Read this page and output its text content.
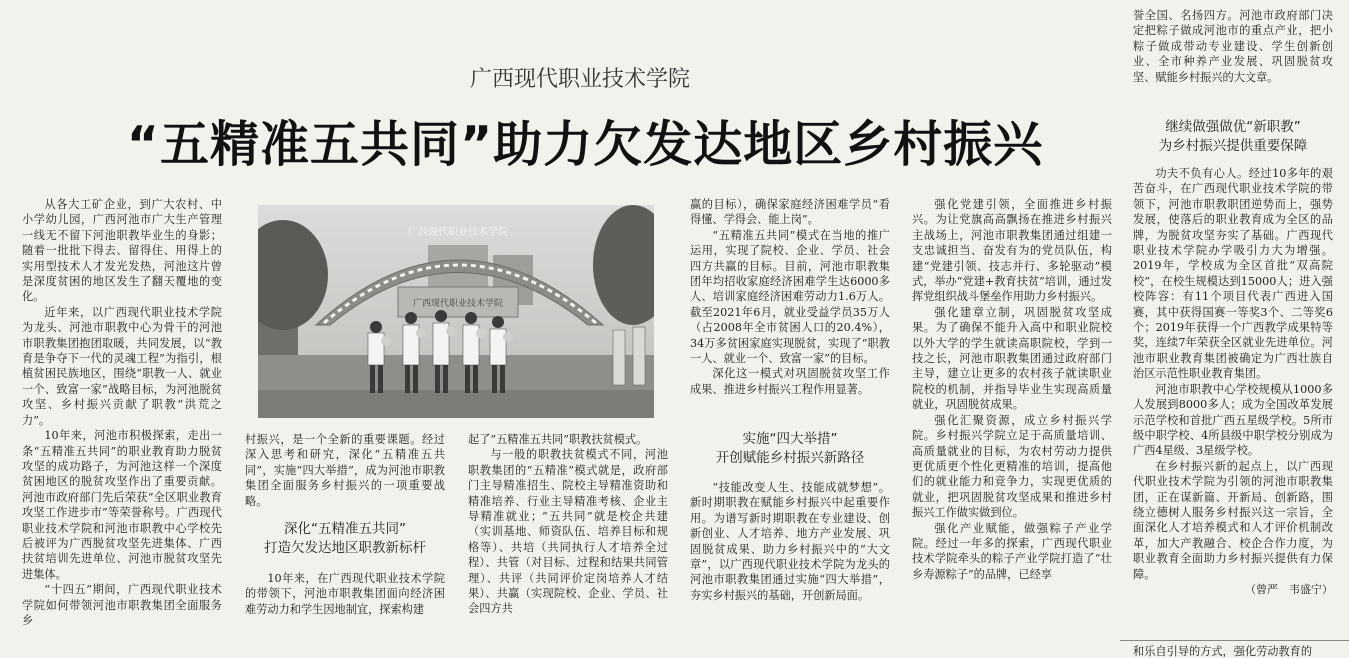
广西现代职业技术学院
“五精准五共同”助力欠发达地区乡村振兴

从各大工矿企业，到广大农村、中小学幼儿园，广西河池市广大生产管理一线无不留下河池职教毕业生的身影；随着一批批下得去、留得住、用得上的实用型技术人才发光发热，河池这片曾是深度贫困的地区发生了翻天覆地的变化。

近年来，以广西现代职业技术学院为龙头、河池市职教中心为骨干的河池市职教集团抱团取暖，共同发展，以“教育是争夺下一代的灵魂工程”为指引，根植贫困民族地区，围绕“职教一人、就业一个、致富一家”战略目标，为河池脱贫攻坚、乡村振兴贡献了职教“洪荒之力”。

10年来，河池市积极探索，走出一条“五精准五共同”的职业教育助力脱贫攻坚的成功路子，为河池这样一个深度贫困地区的脱贫攻坚作出了重要贡献。河池市政府部门先后荣获“全区职业教育攻坚工作进步市”等荣誉称号。广西现代职业技术学院和河池市职教中心学校先后被评为广西脱贫攻坚先进集体、广西扶贫培训先进单位、河池市脱贫攻坚先进集体。

“十四五”期间，广西现代职业技术学院如何带领河池市职教集团全面服务乡

广西现代职业技术学院
广西现代职业技术学院

村振兴，是一个全新的重要课题。经过深入思考和研究，深化“五精准五共同”，实施“四大举措”，成为河池市职教集团全面服务乡村振兴的一项重要战略。

深化“五精准五共同”
打造欠发达地区职教新标杆

10年来，在广西现代职业技术学院的带领下，河池市职教集团面向经济困难劳动力和学生因地制宜，探索构建

起了“五精准五共同”职教扶贫模式。

与一般的职教扶贫模式不同，河池职教集团的“五精准”模式就是，政府部门主导精准招生、院校主导精准资助和精准培养、行业主导精准考核、企业主导精准就业；“五共同”就是校企共建（实训基地、师资队伍、培养目标和规格等）、共培（共同执行人才培养全过程）、共管（对目标、过程和结果共同管理）、共评（共同评价定岗培养人才结果）、共赢（实现院校、企业、学员、社会四方共

赢的目标），确保家庭经济困难学员“看得懂、学得会、能上岗”。

“五精准五共同”模式在当地的推广运用，实现了院校、企业、学员、社会四方共赢的目标。目前，河池市职教集团年均招收家庭经济困难学生达6000多人、培训家庭经济困难劳动力1.6万人。截至2021年6月，就业受益学员35万人（占2008年全市贫困人口的20.4%），34万多贫困家庭实现脱贫，实现了“职教一人、就业一个、致富一家”的目标。

深化这一模式对巩固脱贫攻坚工作成果、推进乡村振兴工程作用显著。

实施“四大举措”
开创赋能乡村振兴新路径

“技能改变人生、技能成就梦想”。新时期职教在赋能乡村振兴中起重要作用。为谱写新时期职教在专业建设、创新创业、人才培养、地方产业发展、巩固脱贫成果、助力乡村振兴中的“大文章”，以广西现代职业技术学院为龙头的河池市职教集团通过实施“四大举措”，夯实乡村振兴的基础，开创新局面。

强化党建引领，全面推进乡村振兴。为让党旗高高飘扬在推进乡村振兴主战场上，河池市职教集团通过组建一支忠诚担当、奋发有为的党员队伍，构建“党建引领、技志并行、多轮驱动”模式，举办“党建+教育扶贫”培训，通过发挥党组织战斗堡垒作用助力乡村振兴。

强化建章立制，巩固脱贫攻坚成果。为了确保不能升入高中和职业院校以外大学的学生就读高职院校，学到一技之长，河池市职教集团通过政府部门主导，建立让更多的农村孩子就读职业院校的机制，并指导毕业生实现高质量就业，巩固脱贫成果。

强化汇聚资源，成立乡村振兴学院。乡村振兴学院立足于高质量培训、高质量就业的目标，为农村劳动力提供更优质更个性化更精准的培训，提高他们的就业能力和竞争力，实现更优质的就业，把巩固脱贫攻坚成果和推进乡村振兴工作做实做到位。

强化产业赋能，做强粽子产业学院。经过一年多的探索，广西现代职业技术学院牵头的粽子产业学院打造了“壮乡寿源粽子”的品牌，已经享

誉全国、名扬四方。河池市政府部门决定把粽子做成河池市的重点产业，把小粽子做成带动专业建设、学生创新创业、全市种养产业发展、巩固脱贫攻坚、赋能乡村振兴的大文章。

继续做强做优“新职教”
为乡村振兴提供重要保障

功夫不负有心人。经过10多年的艰苦奋斗，在广西现代职业技术学院的带领下，河池市职教职团逆势而上，强势发展，使落后的职业教育成为全区的品牌，为脱贫攻坚夯实了基础。广西现代职业技术学院办学吸引力大为增强。2019年，学校成为全区首批“双高院校”，在校生规模达到15000人；进入强校阵容：有11个项目代表广西进入国赛，其中获得国赛一等奖3个、二等奖6个；2019年获得一个广西教学成果特等奖，连续7年荣获全区就业先进单位。河池市职业教育集团被确定为广西壮族自治区示范性职业教育集团。

河池市职教中心学校规模从1000多人发展到8000多人；成为全国改革发展示范学校和首批广西五星级学校。5所市级中职学校、4所县级中职学校分别成为广西4星级、3星级学校。

在乡村振兴新的起点上，以广西现代职业技术学院为引领的河池市职教集团，正在谋新篇、开新局、创新路，围绕立德树人服务乡村振兴这一宗旨，全面深化人才培养模式和人才评价机制改革，加大产教融合、校企合作力度，为职业教育全面助力乡村振兴提供有力保障。

（曾严　韦盛宁）

和乐自引导的方式，强化劳动教育的
